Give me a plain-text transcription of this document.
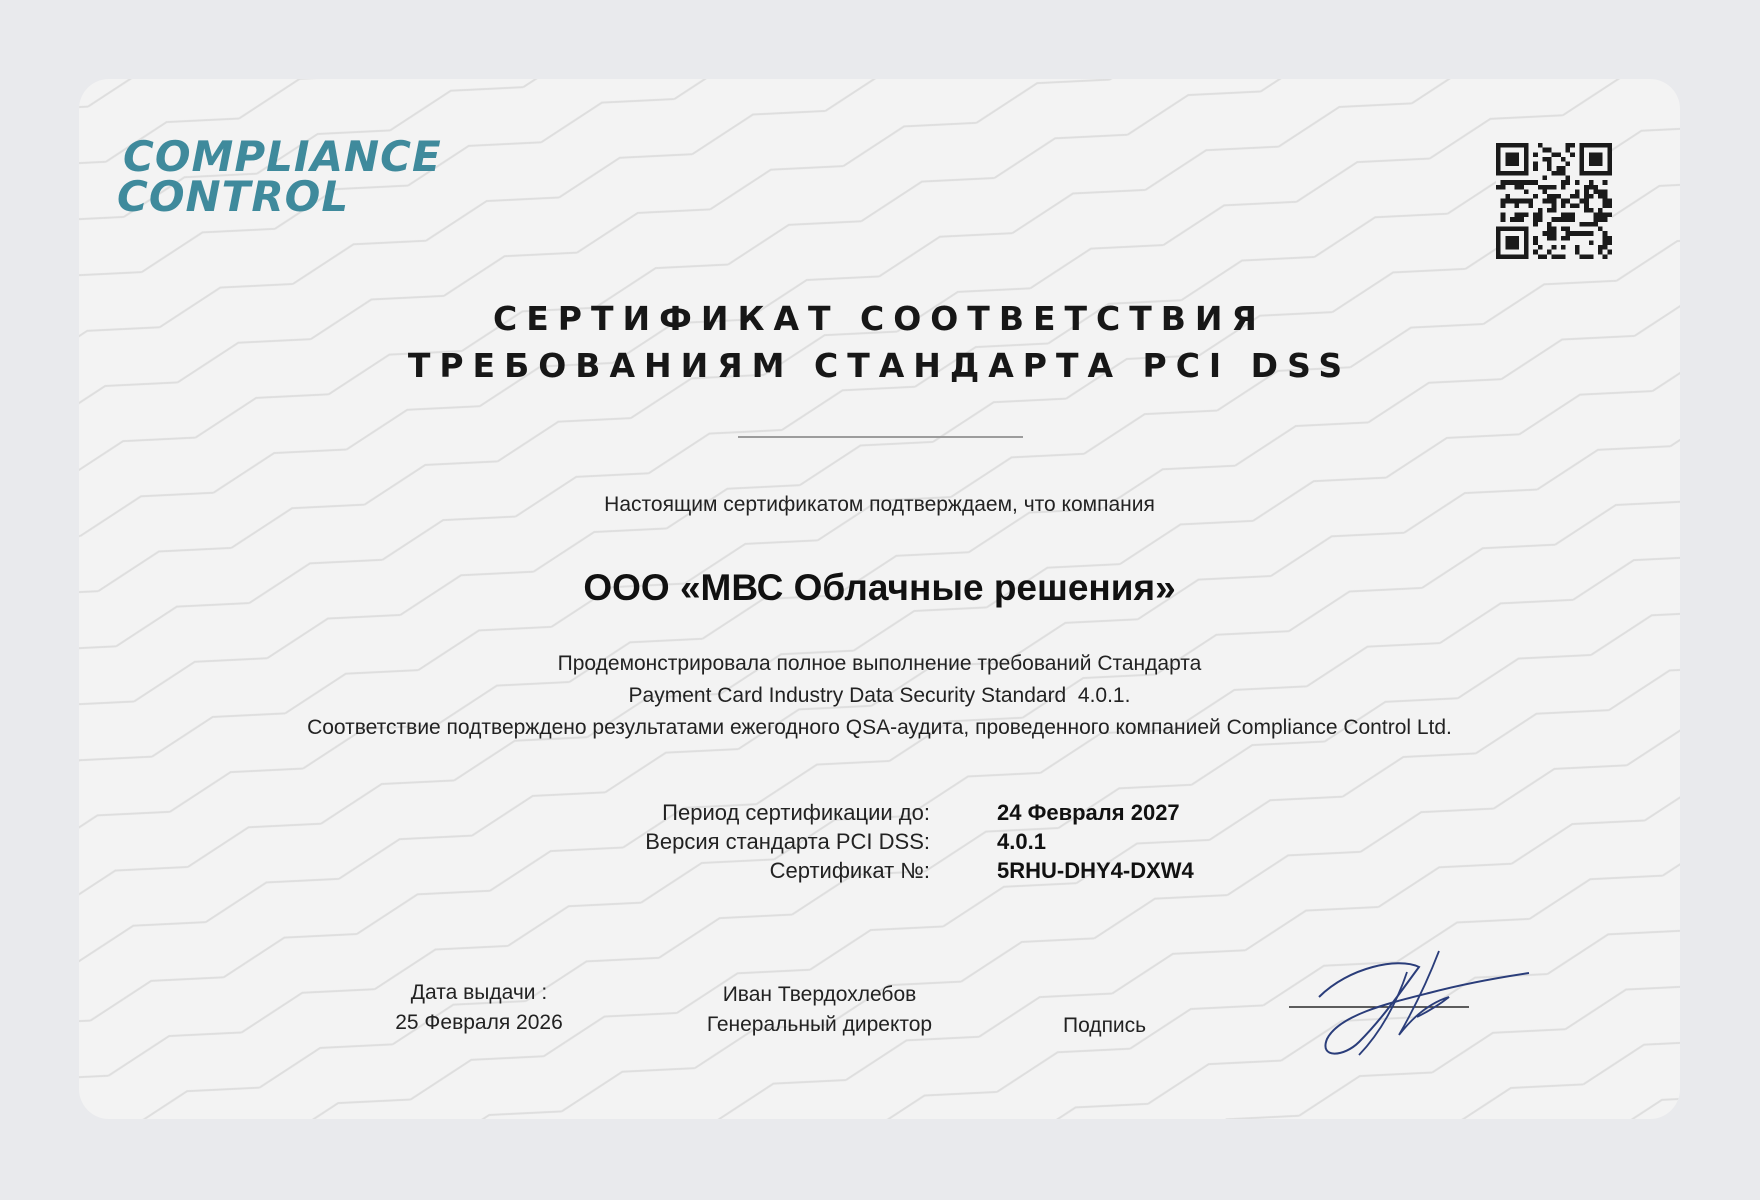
COMPLIANCE
CONTROL
СЕРТИФИКАТ СООТВЕТСТВИЯ
ТРЕБОВАНИЯМ СТАНДАРТА PCI DSS
Настоящим сертификатом подтверждаем, что компания
ООО «МВС Облачные решения»
Продемонстрировала полное выполнение требований Стандарта
Payment Card Industry Data Security Standard  4.0.1.
Соответствие подтверждено результатами ежегодного QSA-аудита, проведенного компанией Compliance Control Ltd.
Период сертификации до:	24 Февраля 2027
Версия стандарта PCI DSS:	4.0.1
Сертификат №:	5RHU-DHY4-DXW4
Дата выдачи :
25 Февраля 2026
Иван Твердохлебов
Генеральный директор	Подпись
